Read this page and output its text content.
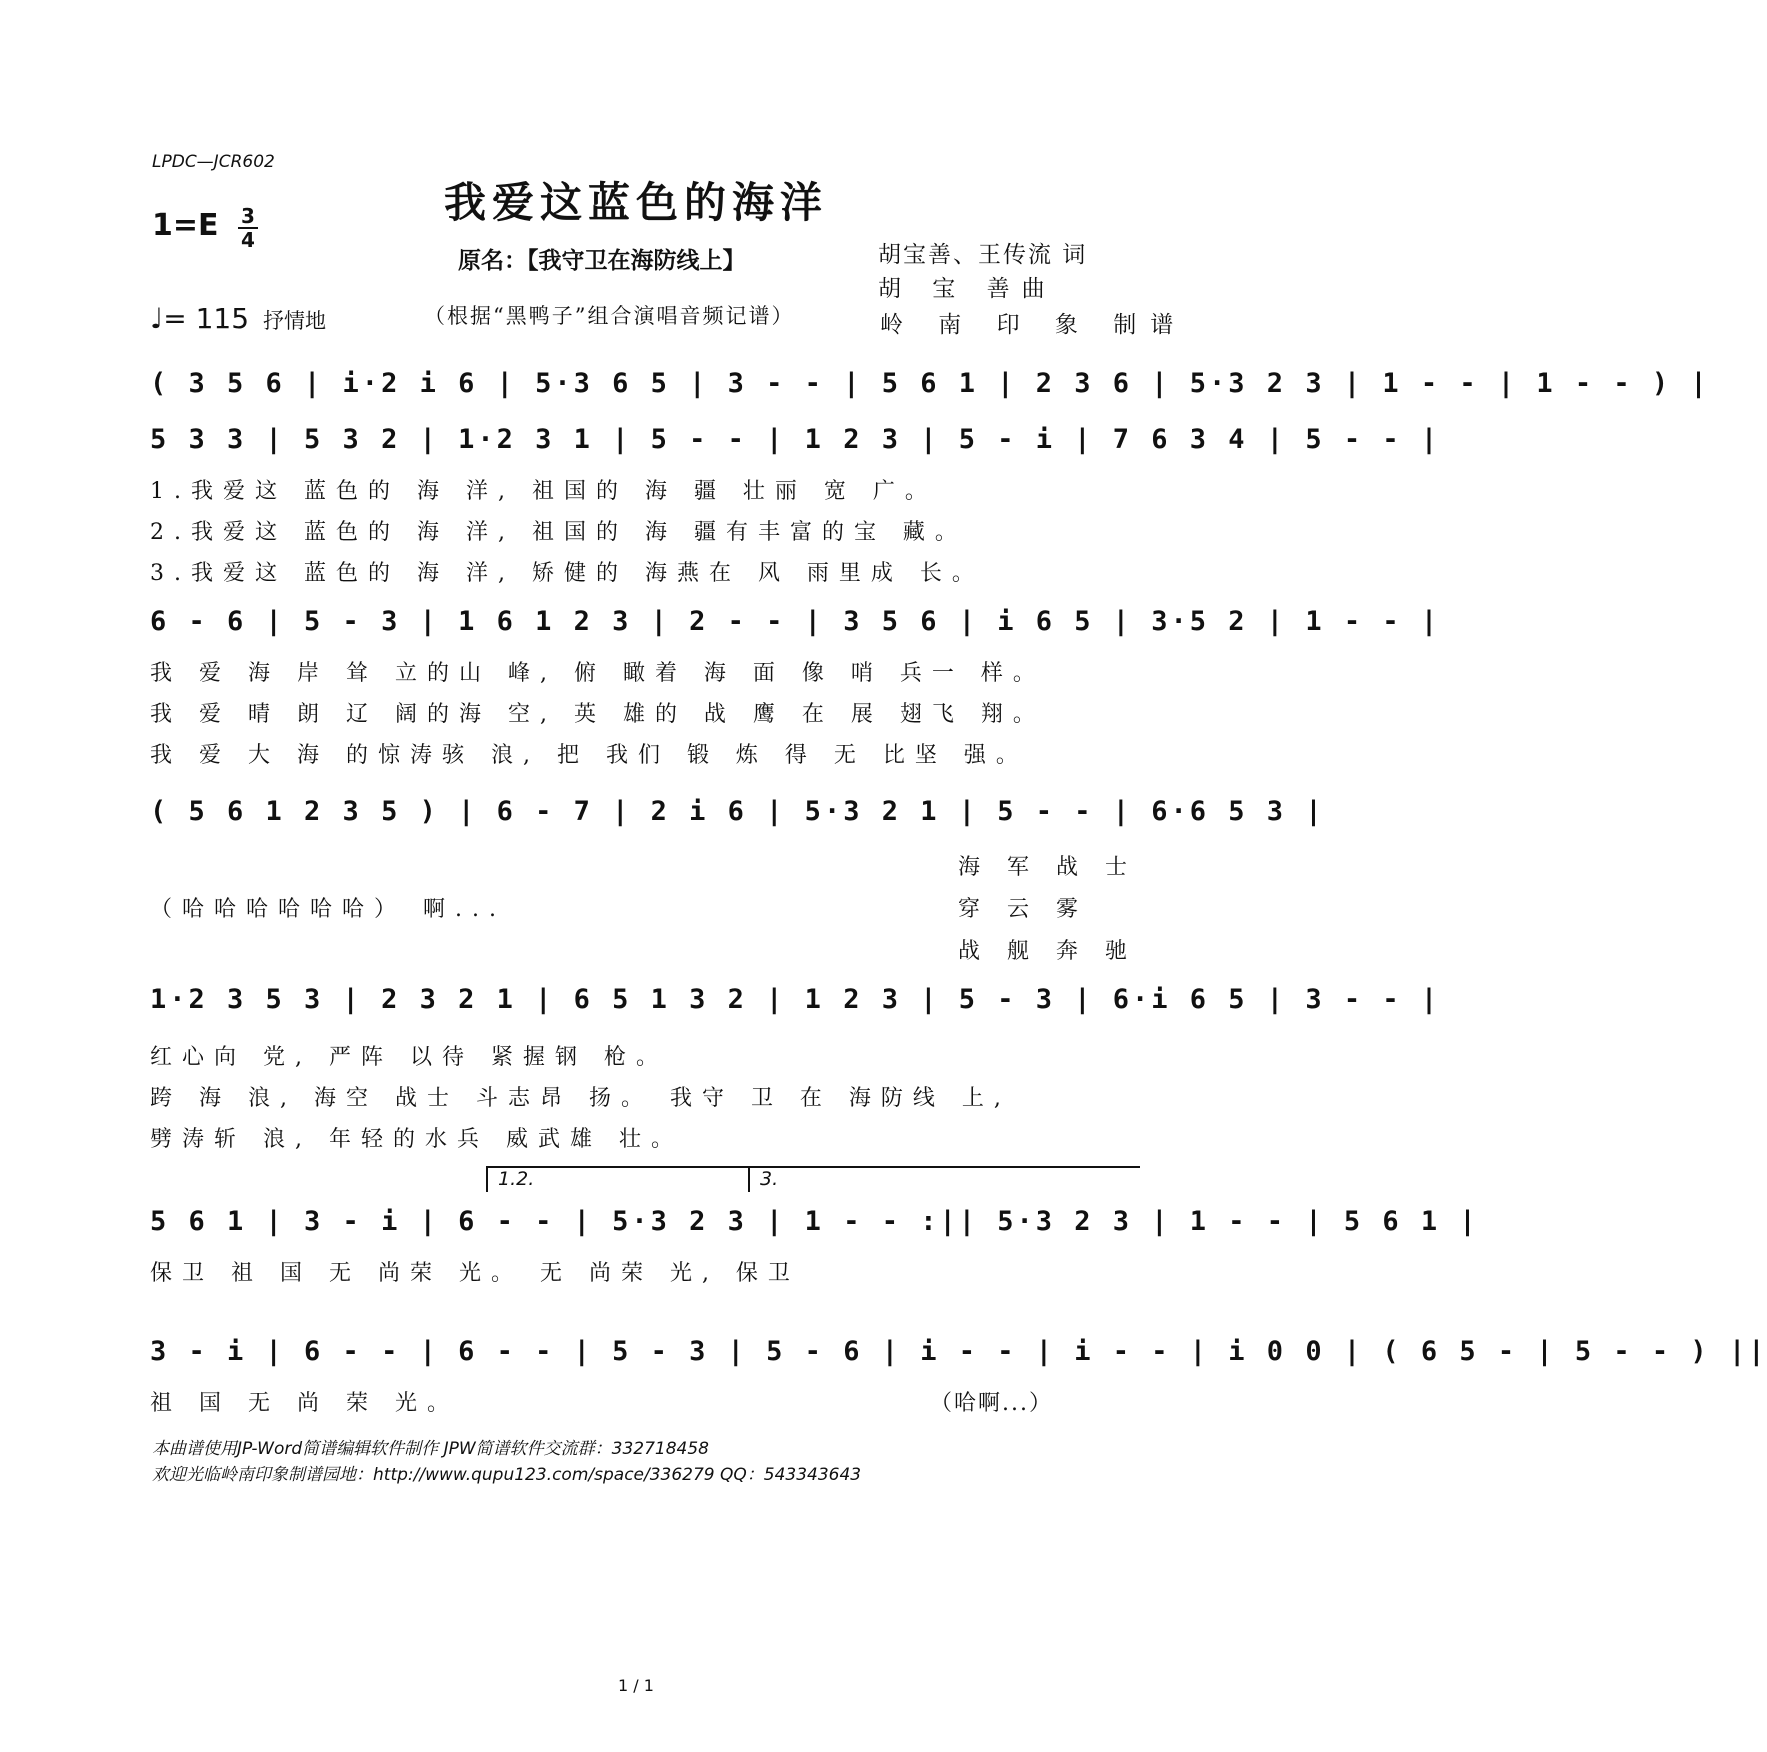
LPDC—JCR602
我爱这蓝色的海洋
1=E 3
4
原名：【我守卫在海防线上】	胡宝善、王传流 词
胡 宝 善曲
♩= 115 抒情地	（根据“黑鸭子”组合演唱音频记谱）	岭 南 印 象 制谱
( 3 5 6 | i·2 i 6 | 5·3 6 5 | 3 - - | 5 6 1 | 2 3 6 | 5·3 2 3 | 1 - - | 1 - - ) |
5 3 3 | 5 3 2 | 1·2 3 1 | 5 - - | 1 2 3 | 5 - i | 7 6 3 4 | 5 - - |
1.我爱这 蓝色的 海 洋, 祖国的 海 疆 壮丽 宽 广。
2.我爱这 蓝色的 海 洋, 祖国的 海 疆有丰富的宝 藏。
3.我爱这 蓝色的 海 洋, 矫健的 海燕在 风 雨里成 长。
6 - 6 | 5 - 3 | 1 6 1 2 3 | 2 - - | 3 5 6 | i 6 5 | 3·5 2 | 1 - - |
我 爱 海 岸 耸 立的山 峰, 俯 瞰着 海 面 像 哨 兵一 样。
我 爱 晴 朗 辽 阔的海 空, 英 雄的 战 鹰 在 展 翅飞 翔。
我 爱 大 海 的惊涛骇 浪, 把 我们 锻 炼 得 无 比坚 强。
( 5 6 1 2 3 5 ) | 6 - 7 | 2 i 6 | 5·3 2 1 | 5 - - | 6·6 5 3 |
（哈哈哈哈哈哈） 啊...
海 军 战 士
穿 云 雾
战 舰 奔 驰
1·2 3 5 3 | 2 3 2 1 | 6 5 1 3 2 | 1 2 3 | 5 - 3 | 6·i 6 5 | 3 - - |
红心向 党, 严阵 以待 紧握钢 枪。
跨 海 浪, 海空 战士 斗志昂 扬。 我守 卫 在 海防线 上,
劈涛斩 浪, 年轻的水兵 威武雄 壮。
1.2.	3.
5 6 1 | 3 - i | 6 - - | 5·3 2 3 | 1 - - :|| 5·3 2 3 | 1 - - | 5 6 1 |
保卫 祖 国 无 尚荣 光。 无 尚荣 光, 保卫
3 - i | 6 - - | 6 - - | 5 - 3 | 5 - 6 | i - - | i - - | i 0 0 | ( 6 5 - | 5 - - ) ||
祖 国 无 尚 荣 光。	（哈啊...）
本曲谱使用JP-Word简谱编辑软件制作 JPW简谱软件交流群：332718458
欢迎光临岭南印象制谱园地：http://www.qupu123.com/space/336279 QQ：543343643
1 / 1
